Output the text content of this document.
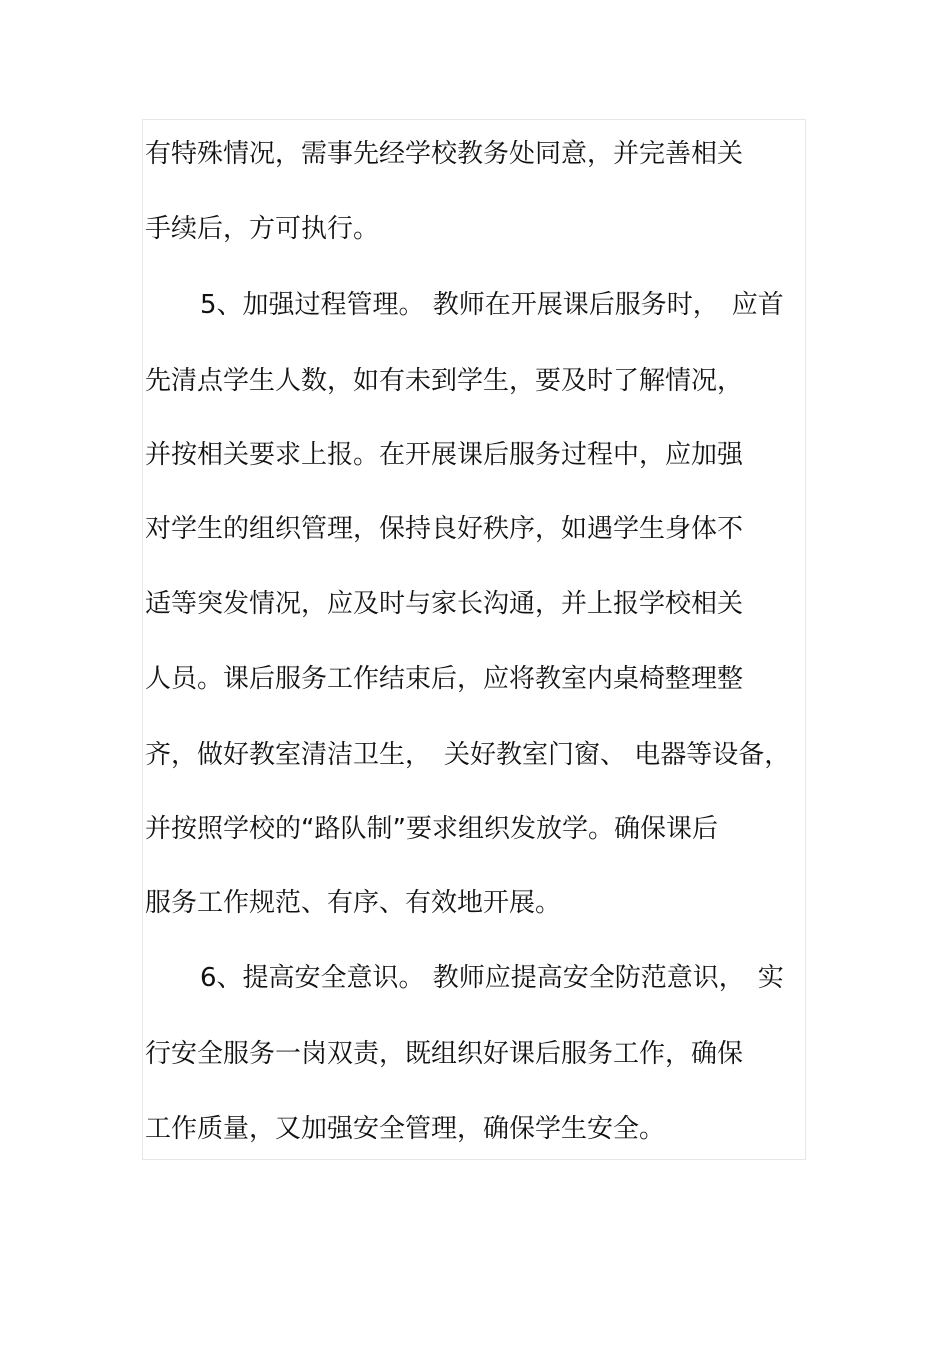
有特殊情况，需事先经学校教务处同意，并完善相关
手续后，方可执行。
5、加强过程管理。 教师在开展课后服务时，　应首
先清点学生人数，如有未到学生，要及时了解情况，
并按相关要求上报。在开展课后服务过程中，应加强
对学生的组织管理，保持良好秩序，如遇学生身体不
适等突发情况，应及时与家长沟通，并上报学校相关
人员。课后服务工作结束后，应将教室内桌椅整理整
齐，做好教室清洁卫生，　关好教室门窗、 电器等设备，
并按照学校的“路队制”要求组织发放学。确保课后
服务工作规范、有序、有效地开展。
6、提高安全意识。 教师应提高安全防范意识，　实
行安全服务一岗双责，既组织好课后服务工作，确保
工作质量，又加强安全管理，确保学生安全。
